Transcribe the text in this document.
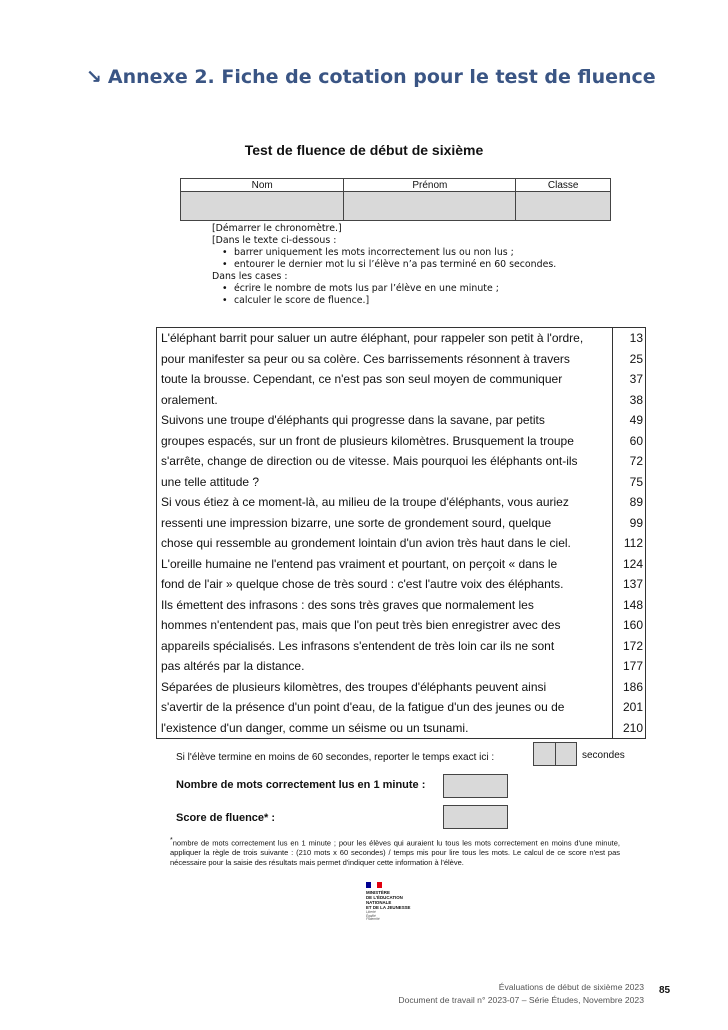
↘ Annexe 2. Fiche de cotation pour le test de fluence
Test de fluence de début de sixième
Nom	Prénom	Classe

[Démarrer le chronomètre.]
[Dans le texte ci-dessous :
• barrer uniquement les mots incorrectement lus ou non lus ;
• entourer le dernier mot lu si l’élève n’a pas terminé en 60 secondes.
Dans les cases :
• écrire le nombre de mots lus par l’élève en une minute ;
• calculer le score de fluence.]
L'éléphant barrit pour saluer un autre éléphant, pour rappeler son petit à l'ordre,	13
pour manifester sa peur ou sa colère. Ces barrissements résonnent à travers	25
toute la brousse. Cependant, ce n'est pas son seul moyen de communiquer	37
oralement.	38
Suivons une troupe d'éléphants qui progresse dans la savane, par petits	49
groupes espacés, sur un front de plusieurs kilomètres. Brusquement la troupe	60
s'arrête, change de direction ou de vitesse. Mais pourquoi les éléphants ont-ils	72
une telle attitude ?	75
Si vous étiez à ce moment-là, au milieu de la troupe d'éléphants, vous auriez	89
ressenti une impression bizarre, une sorte de grondement sourd, quelque	99
chose qui ressemble au grondement lointain d'un avion très haut dans le ciel.	112
L'oreille humaine ne l'entend pas vraiment et pourtant, on perçoit « dans le	124
fond de l'air » quelque chose de très sourd : c'est l'autre voix des éléphants.	137
Ils émettent des infrasons : des sons très graves que normalement les	148
hommes n'entendent pas, mais que l'on peut très bien enregistrer avec des	160
appareils spécialisés. Les infrasons s'entendent de très loin car ils ne sont	172
pas altérés par la distance.	177
Séparées de plusieurs kilomètres, des troupes d'éléphants peuvent ainsi	186
s'avertir de la présence d'un point d'eau, de la fatigue d'un des jeunes ou de	201
l'existence d'un danger, comme un séisme ou un tsunami.	210
Si l'élève termine en moins de 60 secondes, reporter le temps exact ici :	secondes
Nombre de mots correctement lus en 1 minute :
Score de fluence* :
*nombre de mots correctement lus en 1 minute ; pour les élèves qui auraient lu tous les mots correctement en moins d'une minute, appliquer la règle de trois suivante : (210 mots x 60 secondes) / temps mis pour lire tous les mots. Le calcul de ce score n'est pas nécessaire pour la saisie des résultats mais permet d'indiquer cette information à l'élève.
MINISTÈRE
DE L'ÉDUCATION
NATIONALE
ET DE LA JEUNESSE
Liberté
Égalité
Fraternité
Évaluations de début de sixième 2023
Document de travail n° 2023-07 – Série Études, Novembre 2023
85
